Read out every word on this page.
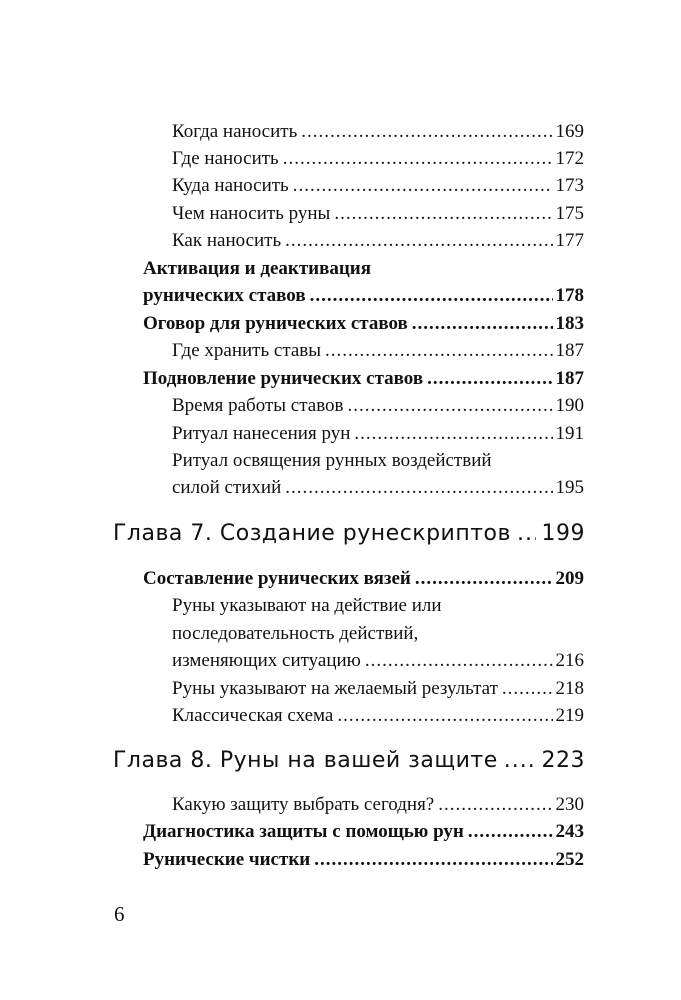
Когда наносить .....	169
Где наносить .....	172
Куда наносить .....	173
Чем наносить руны .....	175
Как наносить .....	177
Активация и деактивация
рунических ставов .....	178
Оговор для рунических ставов .....	183
Где хранить ставы .....	187
Подновление рунических ставов .....	187
Время работы ставов .....	190
Ритуал нанесения рун .....	191
Ритуал освящения рунных воздействий
силой стихий .....	195
Глава 7. Создание рунескриптов ..... 199
Составление рунических вязей .....	209
Руны указывают на действие или
последовательность действий,
изменяющих ситуацию .....	216
Руны указывают на желаемый результат .....	218
Классическая схема .....	219
Глава 8. Руны на вашей защите ..... 223
Какую защиту выбрать сегодня? .....	230
Диагностика защиты с помощью рун .....	243
Рунические чистки .....	252
6
